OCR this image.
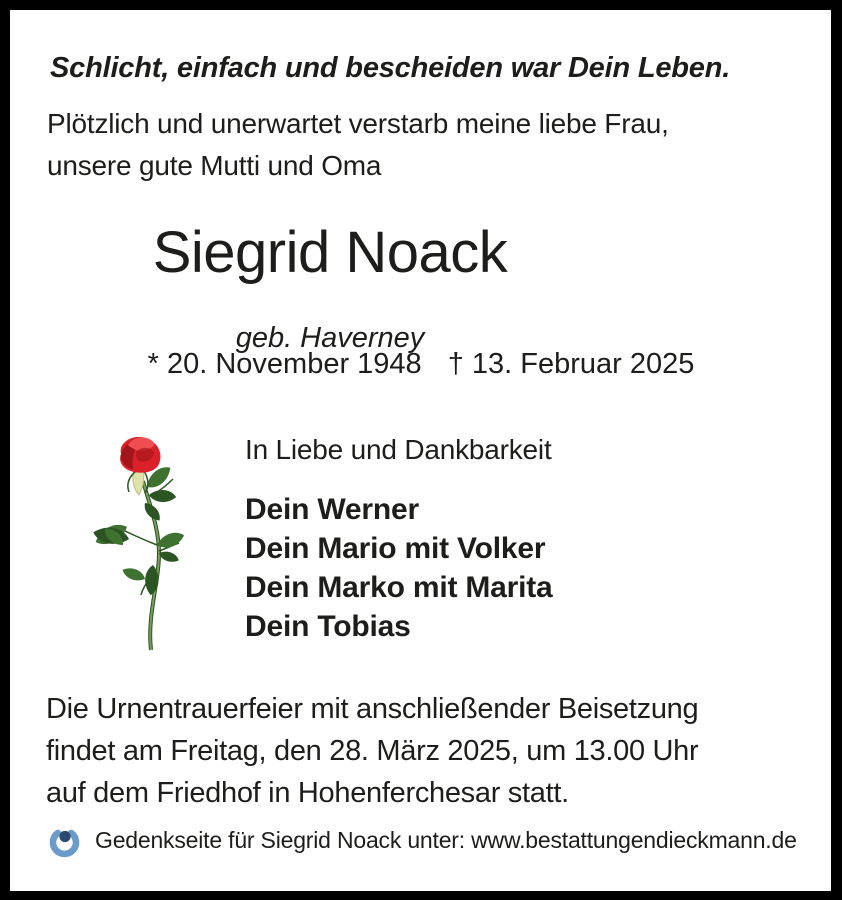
Schlicht, einfach und bescheiden war Dein Leben.
Plötzlich und unerwartet verstarb meine liebe Frau,
unsere gute Mutti und Oma
Siegrid Noack
geb. Haverney
* 20. November 1948 † 13. Februar 2025
In Liebe und Dankbarkeit
Dein Werner
Dein Mario mit Volker
Dein Marko mit Marita
Dein Tobias
Die Urnentrauerfeier mit anschließender Beisetzung
findet am Freitag, den 28. März 2025, um 13.00 Uhr
auf dem Friedhof in Hohenferchesar statt.
Gedenkseite für Siegrid Noack unter: www.bestattungendieckmann.de
